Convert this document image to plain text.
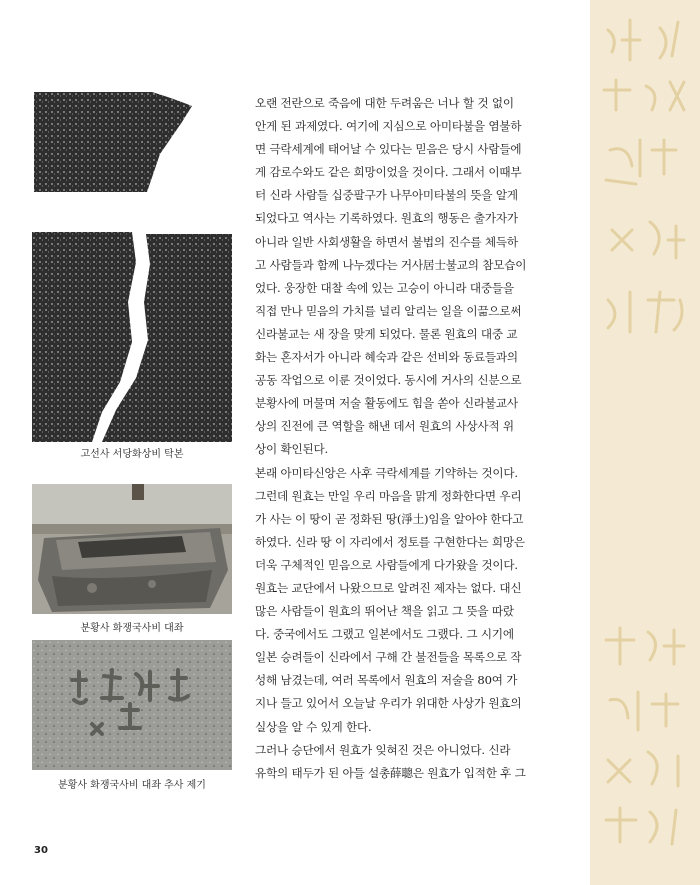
고선사 서당화상비 탁본
분황사 화쟁국사비 대좌
분황사 화쟁국사비 대좌 추사 제기
오랜 전란으로 죽음에 대한 두려움은 너나 할 것 없이
안게 된 과제였다. 여기에 지심으로 아미타불을 염불하
면 극락세계에 태어날 수 있다는 믿음은 당시 사람들에
게 감로수와도 같은 희망이었을 것이다. 그래서 이때부
터 신라 사람들 십중팔구가 나무아미타불의 뜻을 알게
되었다고 역사는 기록하였다. 원효의 행동은 출가자가
아니라 일반 사회생활을 하면서 불법의 진수를 체득하
고 사람들과 함께 나누겠다는 거사居士불교의 참모습이
었다. 웅장한 대찰 속에 있는 고승이 아니라 대중들을
직접 만나 믿음의 가치를 널리 알리는 일을 이끎으로써
신라불교는 새 장을 맞게 되었다. 물론 원효의 대중 교
화는 혼자서가 아니라 혜숙과 같은 선비와 동료들과의
공동 작업으로 이룬 것이었다. 동시에 거사의 신분으로
분황사에 머물며 저술 활동에도 힘을 쏟아 신라불교사
상의 진전에 큰 역할을 해낸 데서 원효의 사상사적 위
상이 확인된다.
본래 아미타신앙은 사후 극락세계를 기약하는 것이다.
그런데 원효는 만일 우리 마음을 맑게 정화한다면 우리
가 사는 이 땅이 곧 정화된 땅(淨土)임을 알아야 한다고
하였다. 신라 땅 이 자리에서 정토를 구현한다는 희망은
더욱 구체적인 믿음으로 사람들에게 다가왔을 것이다.
원효는 교단에서 나왔으므로 알려진 제자는 없다. 대신
많은 사람들이 원효의 뛰어난 책을 읽고 그 뜻을 따랐
다. 중국에서도 그랬고 일본에서도 그랬다. 그 시기에
일본 승려들이 신라에서 구해 간 불전들을 목록으로 작
성해 남겼는데, 여러 목록에서 원효의 저술을 80여 가
지나 들고 있어서 오늘날 우리가 위대한 사상가 원효의
실상을 알 수 있게 한다.
그러나 승단에서 원효가 잊혀진 것은 아니었다. 신라
유학의 태두가 된 아들 설총薛聰은 원효가 입적한 후 그
30
